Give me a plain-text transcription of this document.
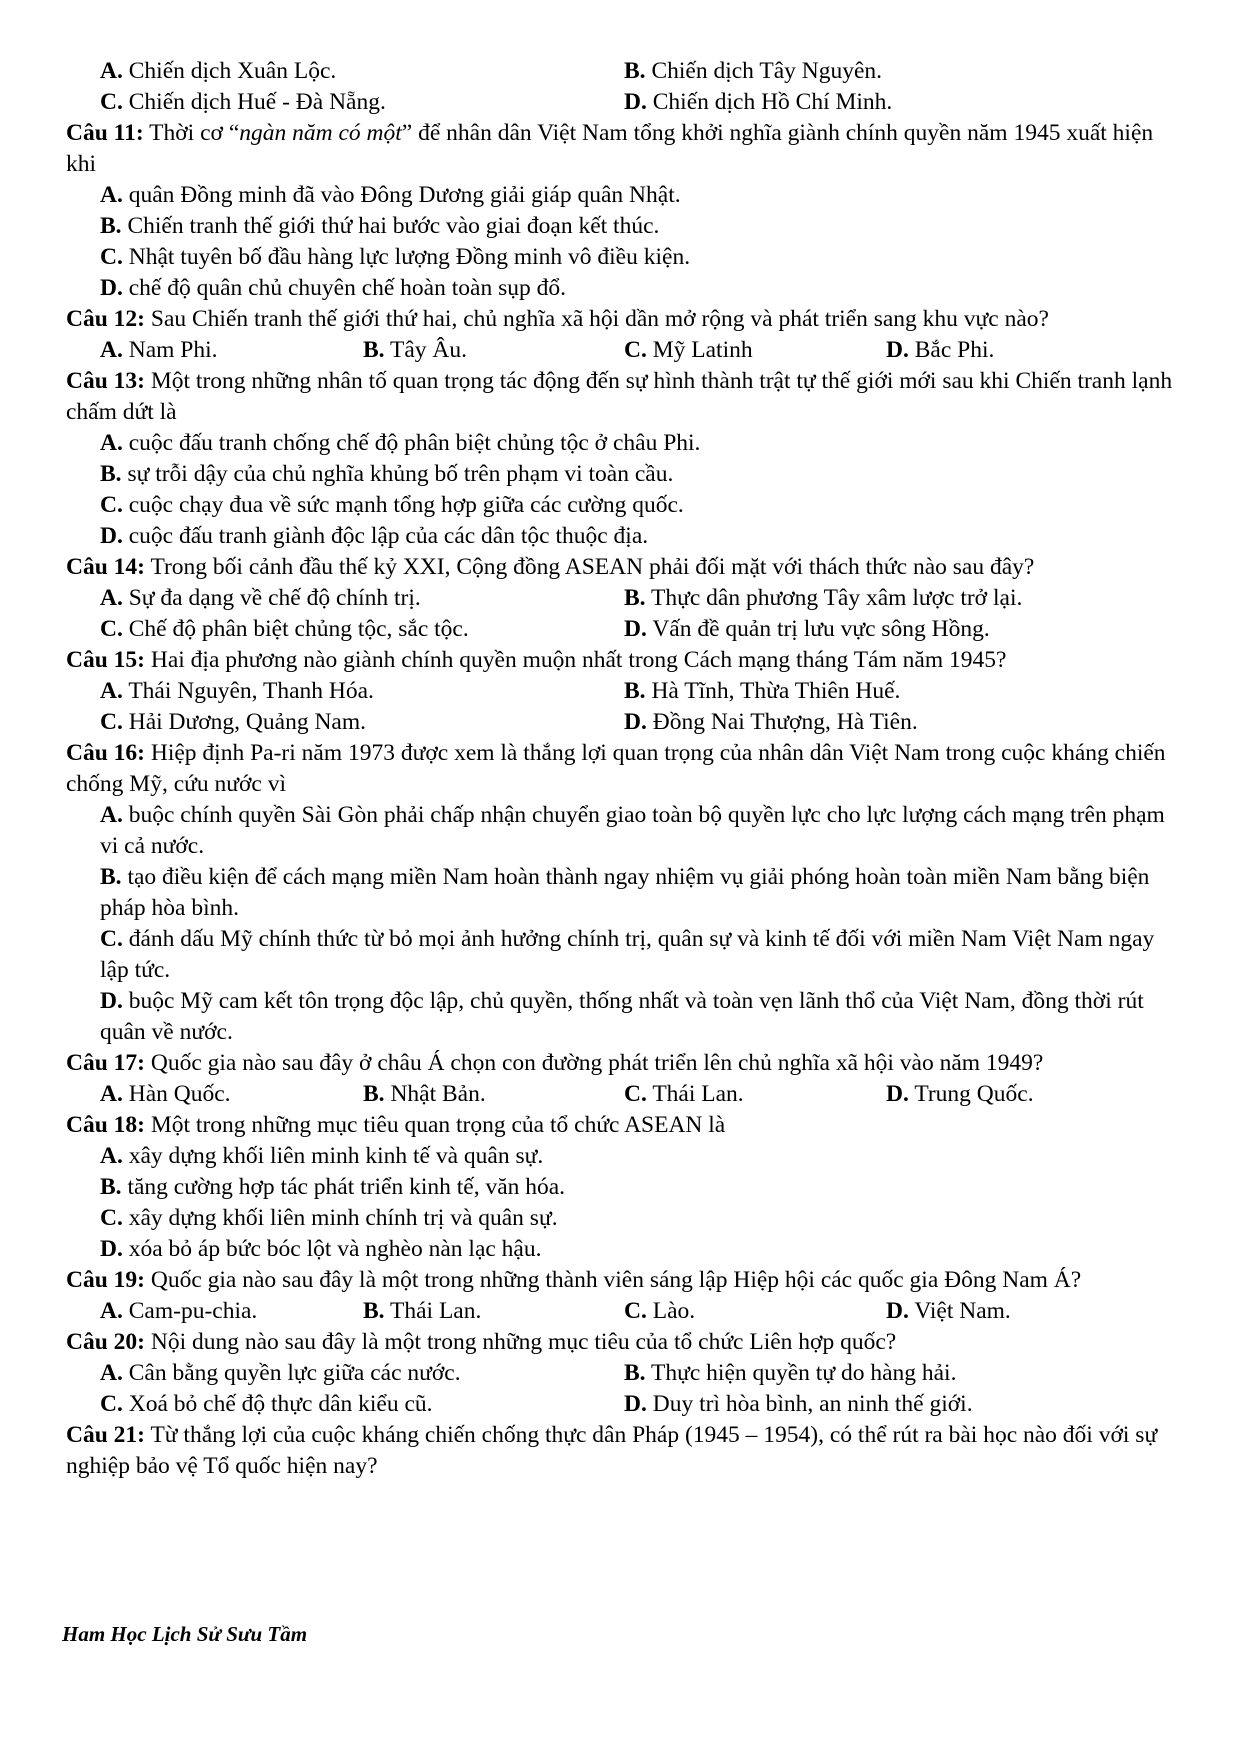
A. Chiến dịch Xuân Lộc.	B. Chiến dịch Tây Nguyên.
C. Chiến dịch Huế - Đà Nẵng.	D. Chiến dịch Hồ Chí Minh.

Câu 11: Thời cơ “ngàn năm có một” để nhân dân Việt Nam tổng khởi nghĩa giành chính quyền năm 1945 xuất hiện khi

A. quân Đồng minh đã vào Đông Dương giải giáp quân Nhật.
B. Chiến tranh thế giới thứ hai bước vào giai đoạn kết thúc.
C. Nhật tuyên bố đầu hàng lực lượng Đồng minh vô điều kiện.
D. chế độ quân chủ chuyên chế hoàn toàn sụp đổ.

Câu 12: Sau Chiến tranh thế giới thứ hai, chủ nghĩa xã hội dần mở rộng và phát triển sang khu vực nào?

A. Nam Phi.	B. Tây Âu.	C. Mỹ Latinh	D. Bắc Phi.

Câu 13: Một trong những nhân tố quan trọng tác động đến sự hình thành trật tự thế giới mới sau khi Chiến tranh lạnh chấm dứt là

A. cuộc đấu tranh chống chế độ phân biệt chủng tộc ở châu Phi.
B. sự trỗi dậy của chủ nghĩa khủng bố trên phạm vi toàn cầu.
C. cuộc chạy đua về sức mạnh tổng hợp giữa các cường quốc.
D. cuộc đấu tranh giành độc lập của các dân tộc thuộc địa.

Câu 14: Trong bối cảnh đầu thế kỷ XXI, Cộng đồng ASEAN phải đối mặt với thách thức nào sau đây?

A. Sự đa dạng về chế độ chính trị.	B. Thực dân phương Tây xâm lược trở lại.
C. Chế độ phân biệt chủng tộc, sắc tộc.	D. Vấn đề quản trị lưu vực sông Hồng.

Câu 15: Hai địa phương nào giành chính quyền muộn nhất trong Cách mạng tháng Tám năm 1945?

A. Thái Nguyên, Thanh Hóa.	B. Hà Tĩnh, Thừa Thiên Huế.
C. Hải Dương, Quảng Nam.	D. Đồng Nai Thượng, Hà Tiên.

Câu 16: Hiệp định Pa-ri năm 1973 được xem là thắng lợi quan trọng của nhân dân Việt Nam trong cuộc kháng chiến chống Mỹ, cứu nước vì

A. buộc chính quyền Sài Gòn phải chấp nhận chuyển giao toàn bộ quyền lực cho lực lượng cách mạng trên phạm vi cả nước.
B. tạo điều kiện để cách mạng miền Nam hoàn thành ngay nhiệm vụ giải phóng hoàn toàn miền Nam bằng biện pháp hòa bình.
C. đánh dấu Mỹ chính thức từ bỏ mọi ảnh hưởng chính trị, quân sự và kinh tế đối với miền Nam Việt Nam ngay lập tức.
D. buộc Mỹ cam kết tôn trọng độc lập, chủ quyền, thống nhất và toàn vẹn lãnh thổ của Việt Nam, đồng thời rút quân về nước.

Câu 17: Quốc gia nào sau đây ở châu Á chọn con đường phát triển lên chủ nghĩa xã hội vào năm 1949?

A. Hàn Quốc.	B. Nhật Bản.	C. Thái Lan.	D. Trung Quốc.

Câu 18: Một trong những mục tiêu quan trọng của tổ chức ASEAN là

A. xây dựng khối liên minh kinh tế và quân sự.
B. tăng cường hợp tác phát triển kinh tế, văn hóa.
C. xây dựng khối liên minh chính trị và quân sự.
D. xóa bỏ áp bức bóc lột và nghèo nàn lạc hậu.

Câu 19: Quốc gia nào sau đây là một trong những thành viên sáng lập Hiệp hội các quốc gia Đông Nam Á?

A. Cam-pu-chia.	B. Thái Lan.	C. Lào.	D. Việt Nam.

Câu 20: Nội dung nào sau đây là một trong những mục tiêu của tổ chức Liên hợp quốc?

A. Cân bằng quyền lực giữa các nước.	B. Thực hiện quyền tự do hàng hải.
C. Xoá bỏ chế độ thực dân kiểu cũ.	D. Duy trì hòa bình, an ninh thế giới.

Câu 21: Từ thắng lợi của cuộc kháng chiến chống thực dân Pháp (1945 – 1954), có thể rút ra bài học nào đối với sự nghiệp bảo vệ Tổ quốc hiện nay?

Ham Học Lịch Sử Sưu Tầm
